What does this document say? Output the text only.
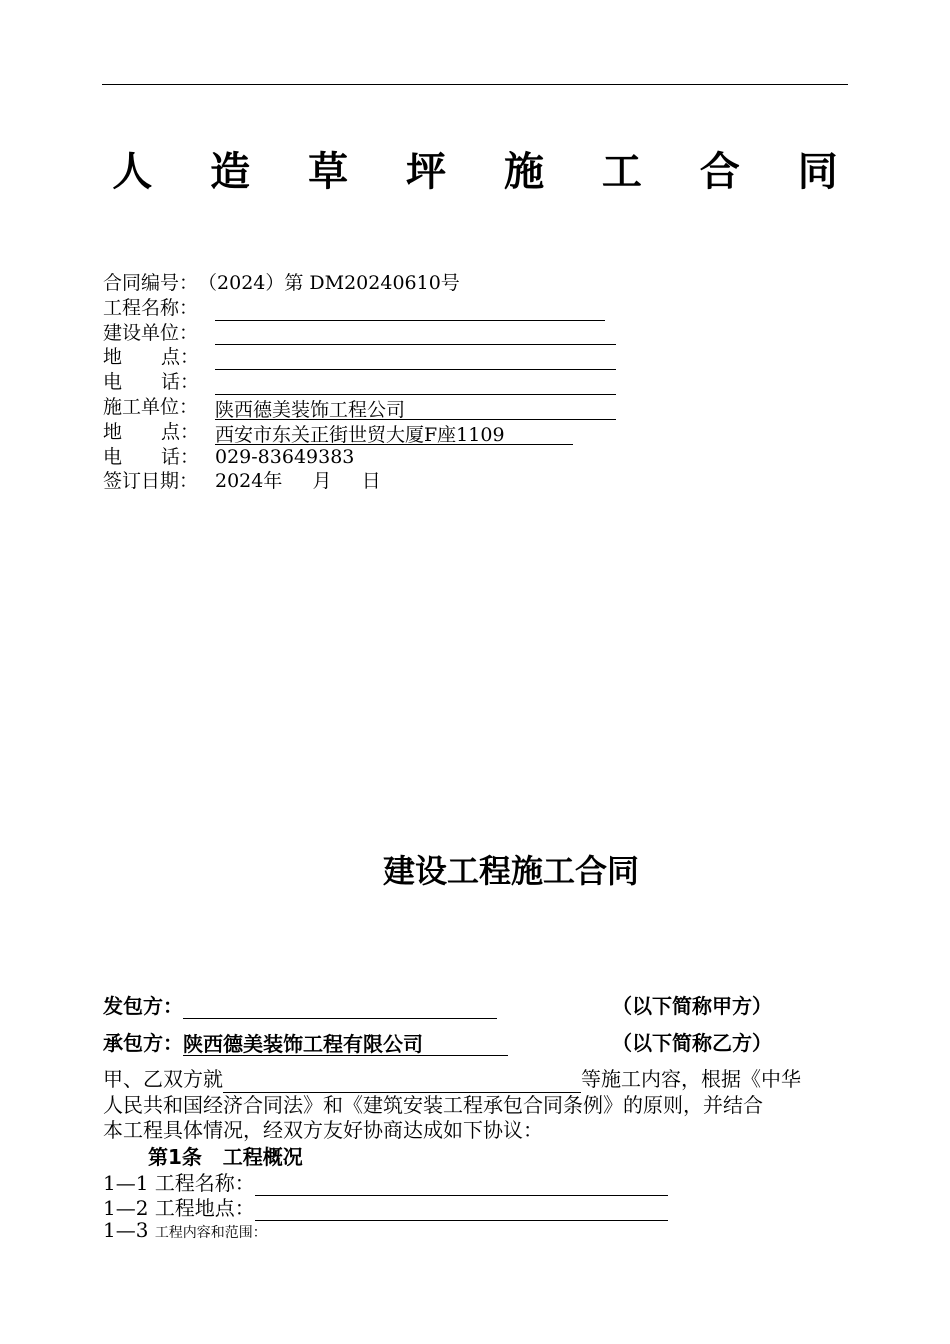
人 造 草 坪 施 工 合 同
合同编号： （2024）第 DM20240610号
工程名称：
建设单位：
地 点：
电 话：
施工单位： 陕西德美装饰工程公司
地 点： 西安市东关正街世贸大厦F座1109
电 话： 029-83649383
签订日期： 2024年     月     日
建设工程施工合同
发包方：	（以下简称甲方）
承包方：陕西德美装饰工程有限公司	（以下简称乙方）
甲、乙双方就	等施工内容，根据《中华
人民共和国经济合同法》和《建筑安装工程承包合同条例》的原则，并结合
本工程具体情况，经双方友好协商达成如下协议：
第1条   工程概况
1—1 工程名称：
1—2 工程地点：
1—3 工程内容和范围：
